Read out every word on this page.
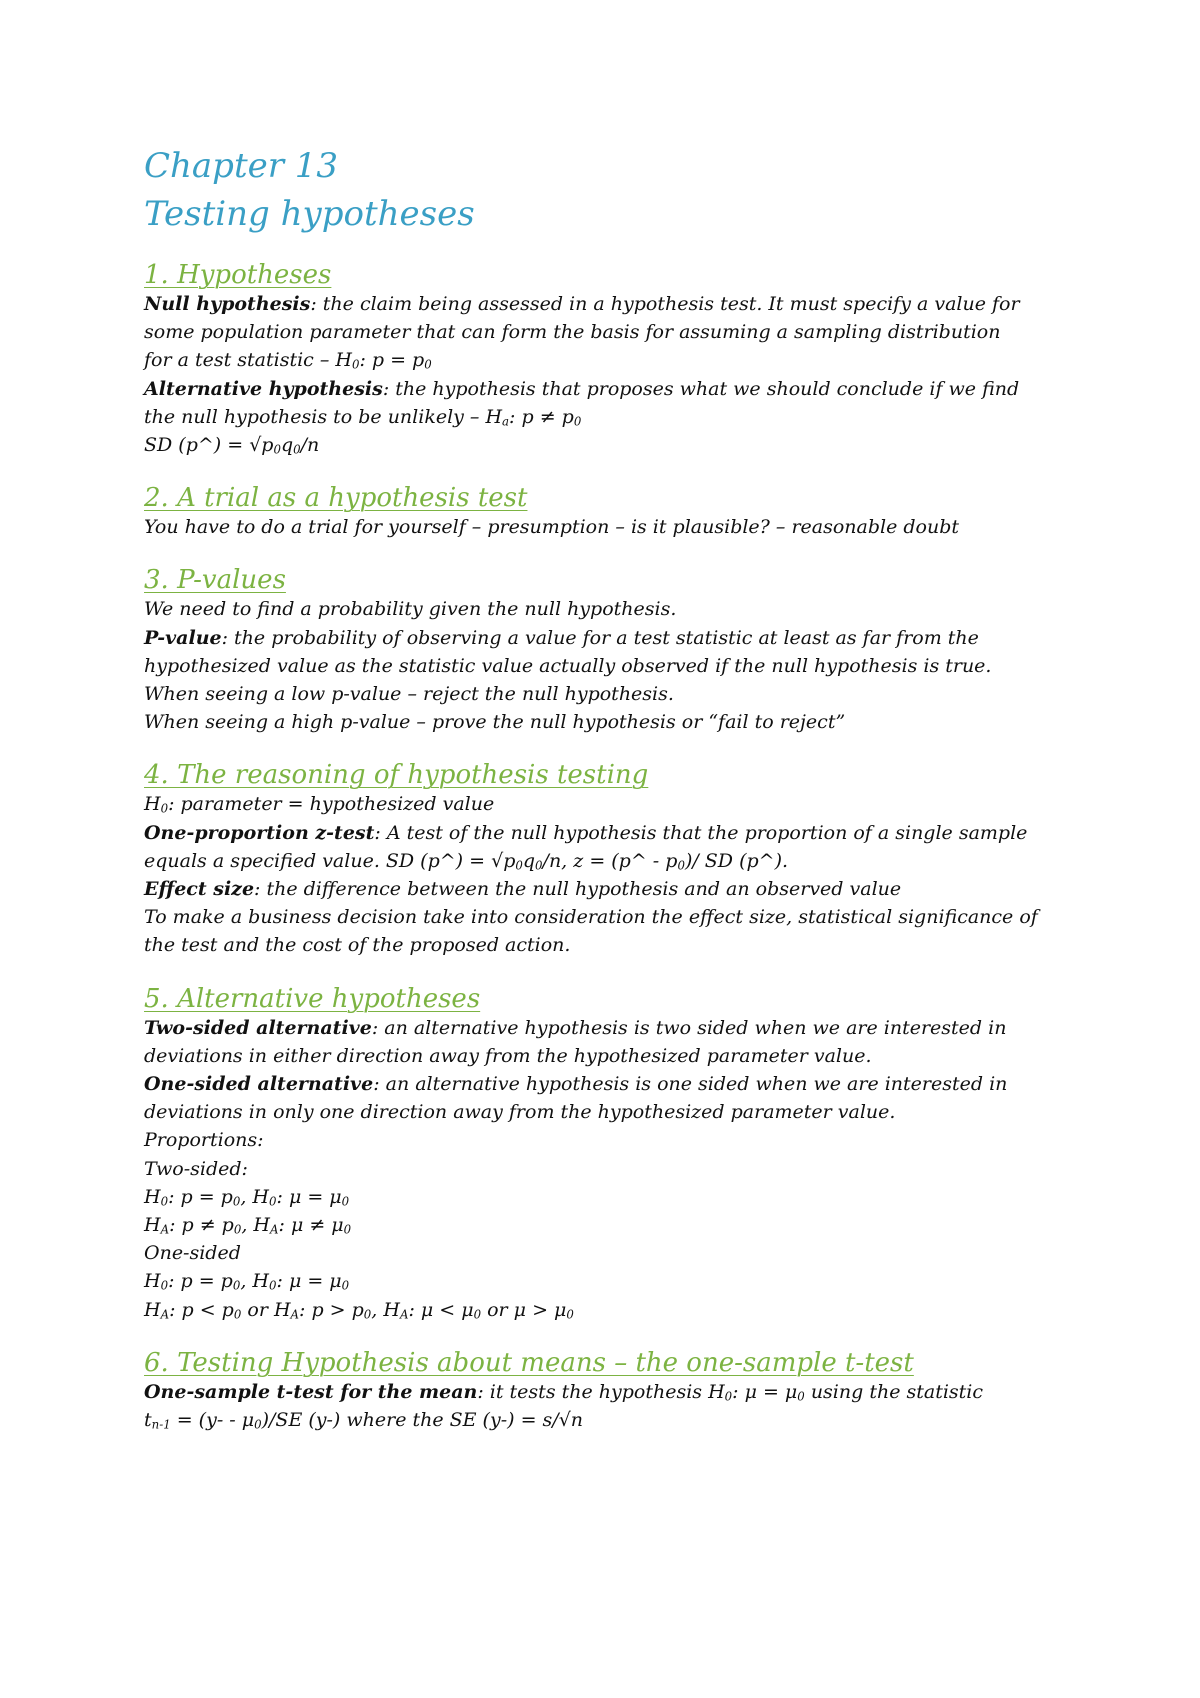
Chapter 13
Testing hypotheses
1. Hypotheses
Null hypothesis: the claim being assessed in a hypothesis test. It must specify a value for
some population parameter that can form the basis for assuming a sampling distribution
for a test statistic – $H_0$: $p = p_0$
Alternative hypothesis: the hypothesis that proposes what we should conclude if we find
the null hypothesis to be unlikely – $H_a$: $p \ne p_0$
SD (p^) = $√p_0q_0/n$
2. A trial as a hypothesis test
You have to do a trial for yourself – presumption – is it plausible? – reasonable doubt
3. P-values
We need to find a probability given the null hypothesis.
P-value: the probability of observing a value for a test statistic at least as far from the
hypothesized value as the statistic value actually observed if the null hypothesis is true.
When seeing a low p-value – reject the null hypothesis.
When seeing a high p-value – prove the null hypothesis or “fail to reject”
4. The reasoning of hypothesis testing
$H_0$: parameter = hypothesized value
One-proportion z-test: A test of the null hypothesis that the proportion of a single sample
equals a specified value. SD (p^) = $√p_0q_0/n$, z = (p^ - $p_0)/$ SD (p^).
Effect size: the difference between the null hypothesis and an observed value
To make a business decision take into consideration the effect size, statistical significance of
the test and the cost of the proposed action.
5. Alternative hypotheses
Two-sided alternative: an alternative hypothesis is two sided when we are interested in
deviations in either direction away from the hypothesized parameter value.
One-sided alternative: an alternative hypothesis is one sided when we are interested in
deviations in only one direction away from the hypothesized parameter value.
Proportions:
Two-sided:
$H_0$: $p = p_0$, $H_0$: $\mu = \mu_0$
$H_A$: $p \ne p_0$, $H_A$: $\mu \ne \mu_0$
One-sided
$H_0$: $p = p_0$, $H_0$: $\mu = \mu_0$
$H_A$: $p < p_0$ or $H_A$: $p > p_0$, $H_A$: $\mu < \mu_0$ or $\mu > \mu_0$
6. Testing Hypothesis about means – the one-sample t-test
One-sample t-test for the mean: it tests the hypothesis $H_0$: $\mu = \mu_0$ using the statistic
$t_{n-1} = (y- - \mu_0)/SE$ (y-) where the SE (y-) = s/√n
